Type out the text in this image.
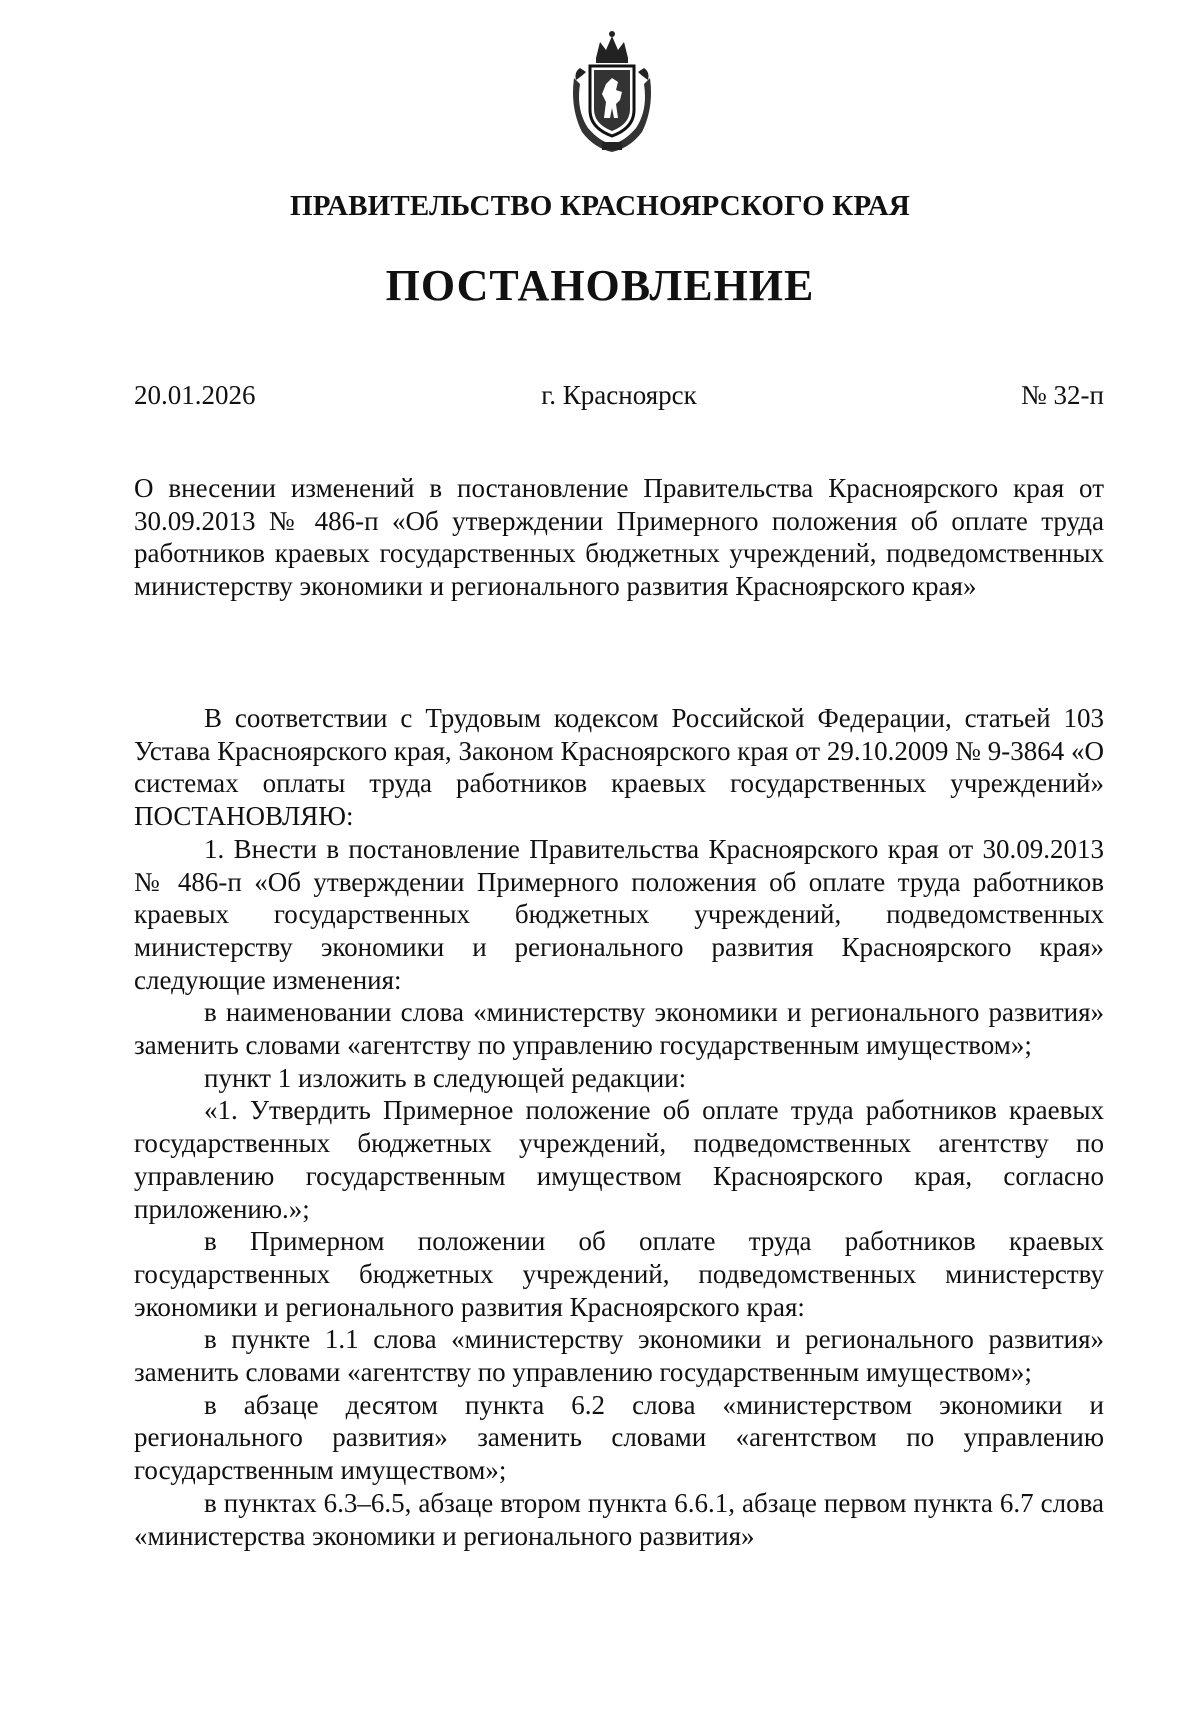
ПРАВИТЕЛЬСТВО КРАСНОЯРСКОГО КРАЯ
ПОСТАНОВЛЕНИЕ
20.01.2026	г. Красноярск	№ 32-п
О внесении изменений в постановление Правительства Красноярского края от 30.09.2013 № 486-п «Об утверждении Примерного положения об оплате труда работников краевых государственных бюджетных учреждений, подведомственных министерству экономики и регионального развития Красноярского края»

В соответствии с Трудовым кодексом Российской Федерации, статьей 103 Устава Красноярского края, Законом Красноярского края от 29.10.2009 № 9-3864 «О системах оплаты труда работников краевых государственных учреждений» ПОСТАНОВЛЯЮ:

1. Внести в постановление Правительства Красноярского края от 30.09.2013 № 486-п «Об утверждении Примерного положения об оплате труда работников краевых государственных бюджетных учреждений, подведомственных министерству экономики и регионального развития Красноярского края» следующие изменения:

в наименовании слова «министерству экономики и регионального развития» заменить словами «агентству по управлению государственным имуществом»;

пункт 1 изложить в следующей редакции:

«1. Утвердить Примерное положение об оплате труда работников краевых государственных бюджетных учреждений, подведомственных агентству по управлению государственным имуществом Красноярского края, согласно приложению.»;

в Примерном положении об оплате труда работников краевых государственных бюджетных учреждений, подведомственных министерству экономики и регионального развития Красноярского края:

в пункте 1.1 слова «министерству экономики и регионального развития» заменить словами «агентству по управлению государственным имуществом»;

в абзаце десятом пункта 6.2 слова «министерством экономики и регионального развития» заменить словами «агентством по управлению государственным имуществом»;

в пунктах 6.3–6.5, абзаце втором пункта 6.6.1, абзаце первом пункта 6.7 слова «министерства экономики и регионального развития»
